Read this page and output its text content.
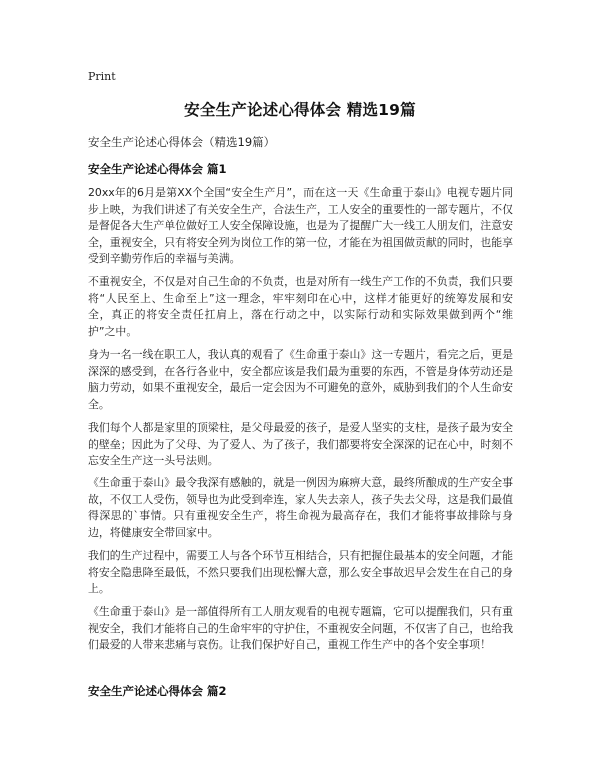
Print
安全生产论述心得体会 精选19篇
安全生产论述心得体会（精选19篇）
安全生产论述心得体会 篇1

20xx年的6月是第XX个全国“安全生产月”，而在这一天《生命重于泰山》电视专题片同步上映，为我们讲述了有关安全生产，合法生产，工人安全的重要性的一部专题片，不仅是督促各大生产单位做好工人安全保障设施，也是为了提醒广大一线工人朋友们，注意安全，重视安全，只有将安全列为岗位工作的第一位，才能在为祖国做贡献的同时，也能享受到辛勤劳作后的幸福与美满。

不重视安全，不仅是对自己生命的不负责，也是对所有一线生产工作的不负责，我们只要将“人民至上、生命至上”这一理念，牢牢刻印在心中，这样才能更好的统筹发展和安全，真正的将安全责任扛肩上，落在行动之中，以实际行动和实际效果做到两个“维护”之中。

身为一名一线在职工人，我认真的观看了《生命重于泰山》这一专题片，看完之后，更是深深的感受到，在各行各业中，安全都应该是我们最为重要的东西，不管是身体劳动还是脑力劳动，如果不重视安全，最后一定会因为不可避免的意外，威胁到我们的个人生命安全。

我们每个人都是家里的顶梁柱，是父母最爱的孩子，是爱人坚实的支柱，是孩子最为安全的壁垒；因此为了父母、为了爱人、为了孩子，我们都要将安全深深的记在心中，时刻不忘安全生产这一头号法则。

《生命重于泰山》最令我深有感触的，就是一例因为麻痹大意，最终所酿成的生产安全事故，不仅工人受伤，领导也为此受到牵连，家人失去亲人，孩子失去父母，这是我们最值得深思的`事情。只有重视安全生产，将生命视为最高存在，我们才能将事故排除与身边，将健康安全带回家中。

我们的生产过程中，需要工人与各个环节互相结合，只有把握住最基本的安全问题，才能将安全隐患降至最低，不然只要我们出现松懈大意，那么安全事故迟早会发生在自己的身上。

《生命重于泰山》是一部值得所有工人朋友观看的电视专题篇，它可以提醒我们，只有重视安全，我们才能将自己的生命牢牢的守护住，不重视安全问题，不仅害了自己，也给我们最爱的人带来悲痛与哀伤。让我们保护好自己，重视工作生产中的各个安全事项！

安全生产论述心得体会 篇2
